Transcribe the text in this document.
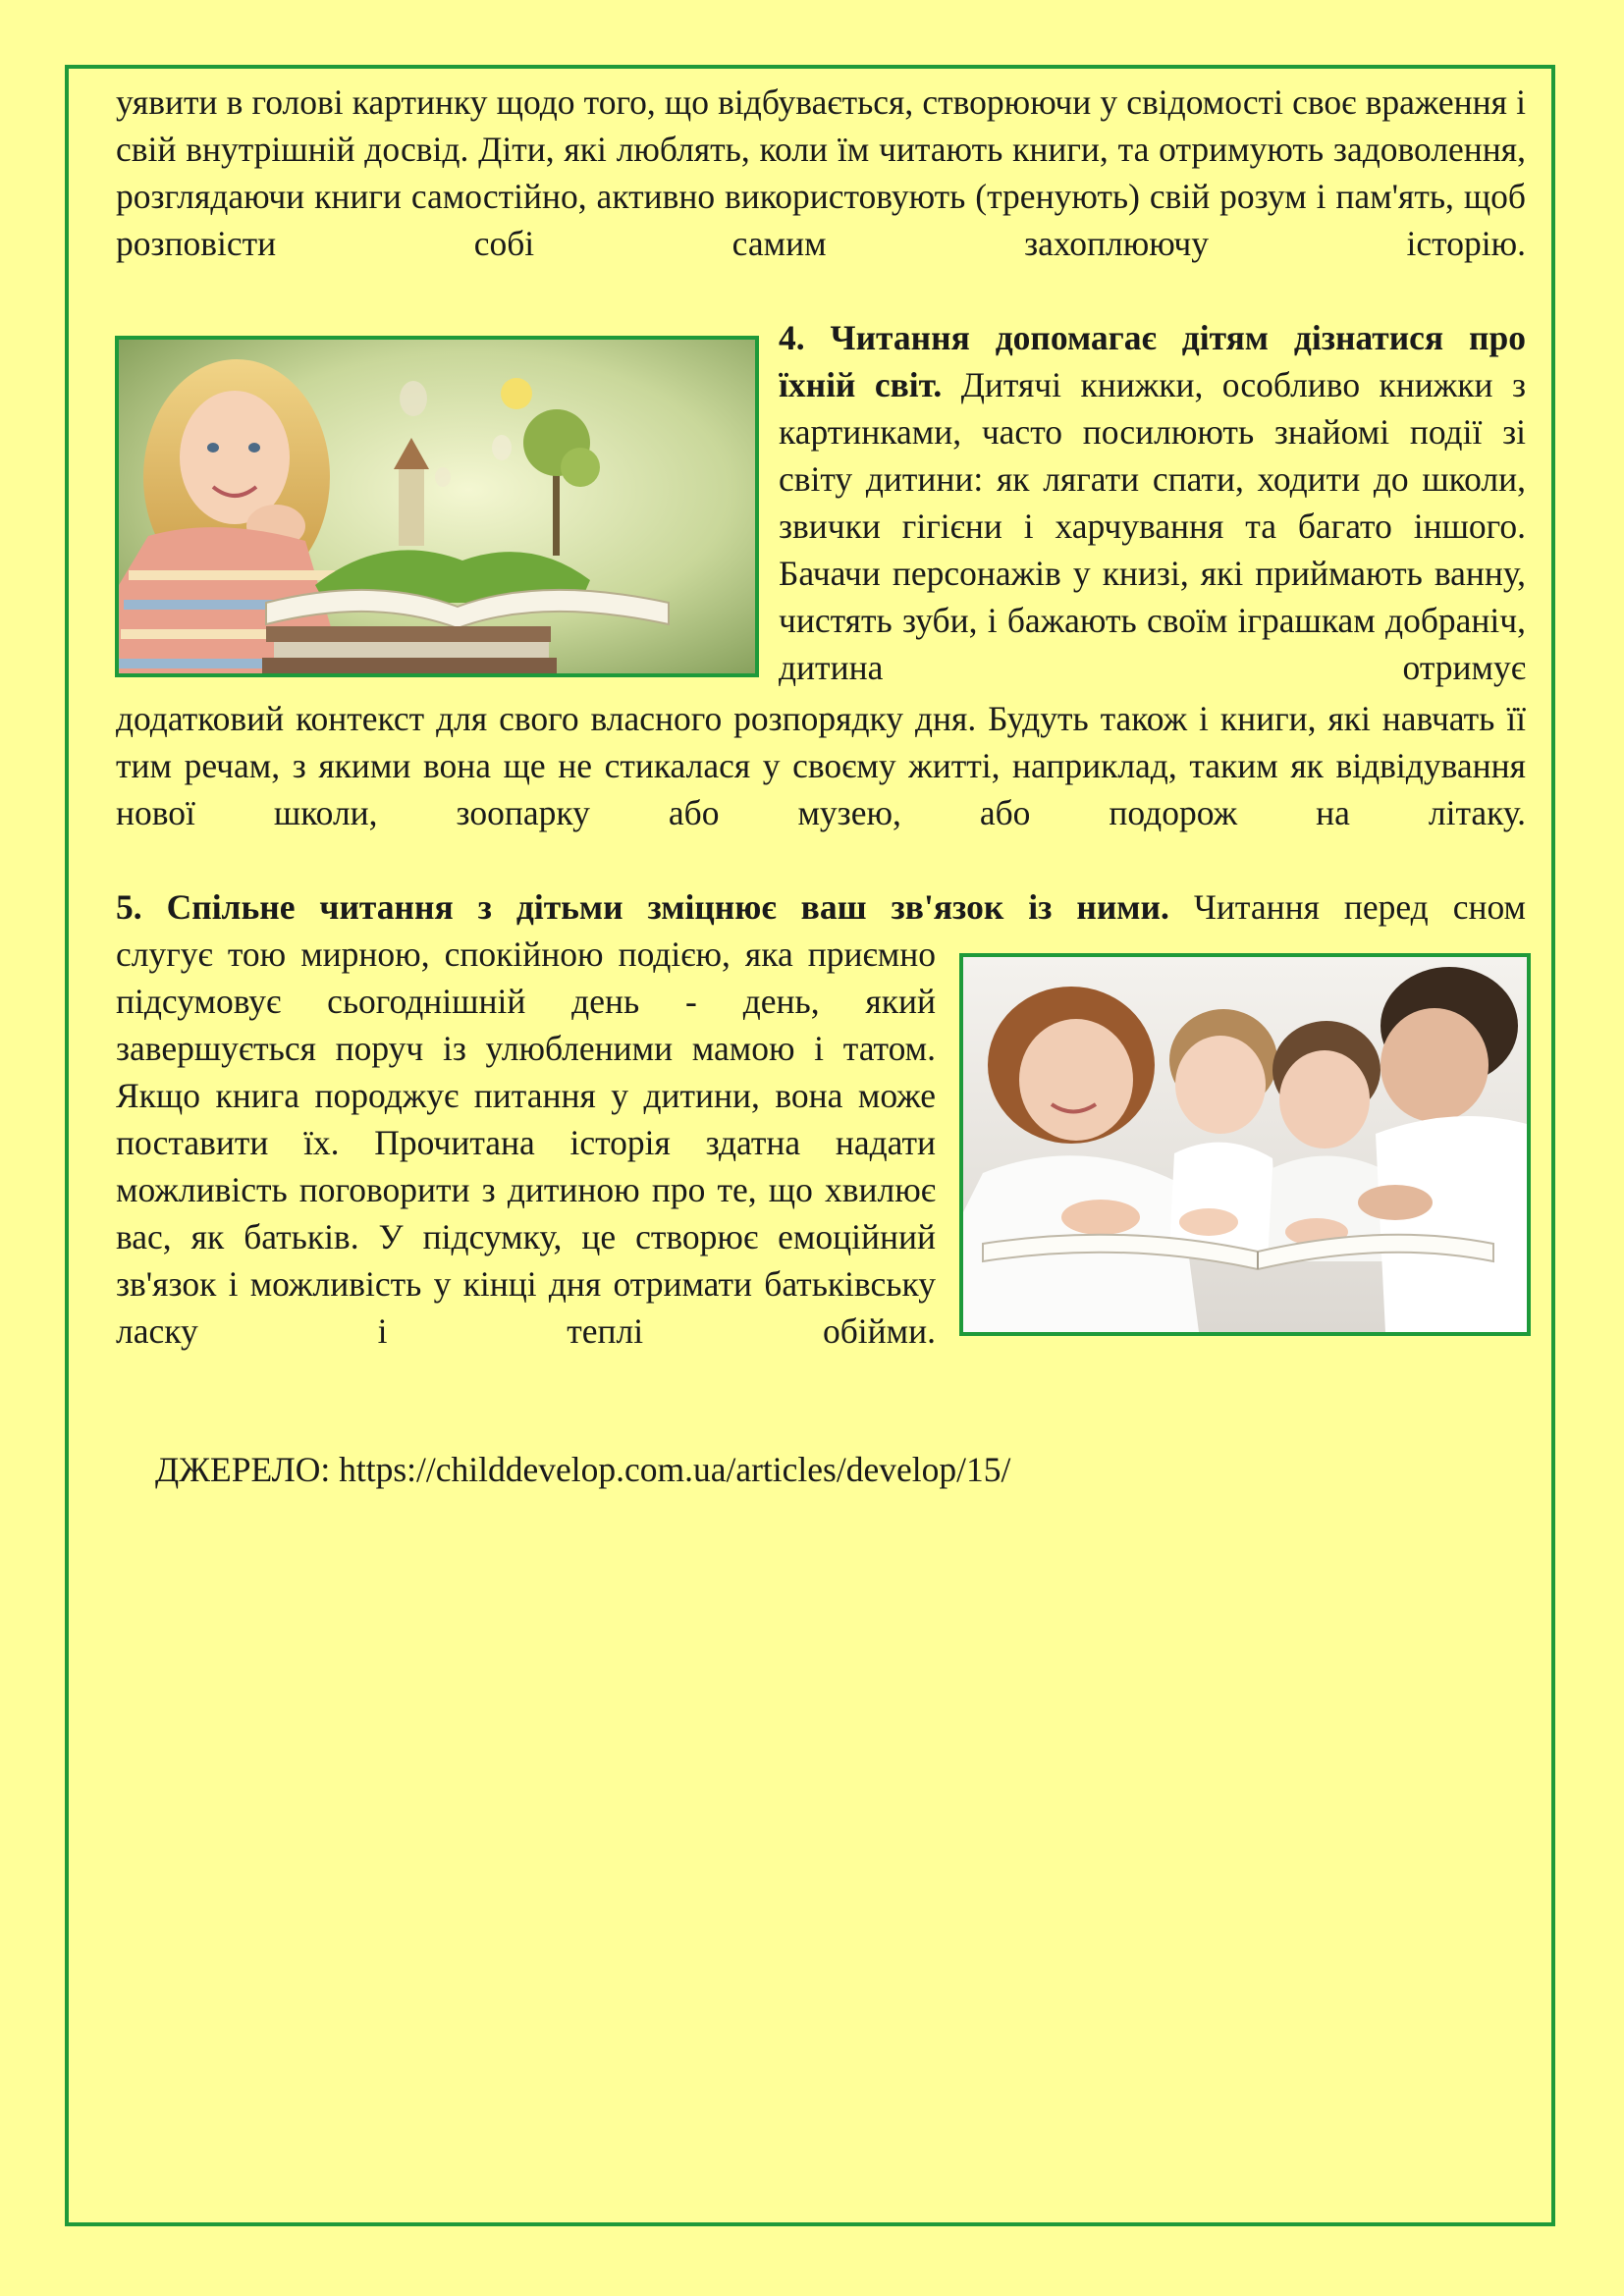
уявити в голові картинку щодо того, що відбувається, створюючи у свідомості своє враження і свій внутрішній досвід. Діти, які люблять, коли їм читають книги, та отримують задоволення, розглядаючи книги самостійно, активно використовують (тренують) свій розум і пам'ять, щоб розповісти собі самим захоплюючу історію.

4. Читання допомагає дітям дізнатися про їхній світ. Дитячі книжки, особливо книжки з картинками, часто посилюють знайомі події зі світу дитини: як лягати спати, ходити до школи, звички гігієни і харчування та багато іншого. Бачачи персонажів у книзі, які приймають ванну, чистять зуби, і бажають своїм іграшкам добраніч, дитина отримує

додатковий контекст для свого власного розпорядку дня. Будуть також і книги, які навчать її тим речам, з якими вона ще не стикалася у своєму житті, наприклад, таким як відвідування нової школи, зоопарку або музею, або подорож на літаку.

5. Спільне читання з дітьми зміцнює ваш зв'язок із ними. Читання перед сном

слугує тою мирною, спокійною подією, яка приємно підсумовує сьогоднішній день - день, який завершується поруч із улюбленими мамою і татом. Якщо книга породжує питання у дитини, вона може поставити їх. Прочитана історія здатна надати можливість поговорити з дитиною про те, що хвилює вас, як батьків. У підсумку, це створює емоційний зв'язок і можливість у кінці дня отримати батьківську ласку і теплі обійми.

ДЖЕРЕЛО: https://childdevelop.com.ua/articles/develop/15/
